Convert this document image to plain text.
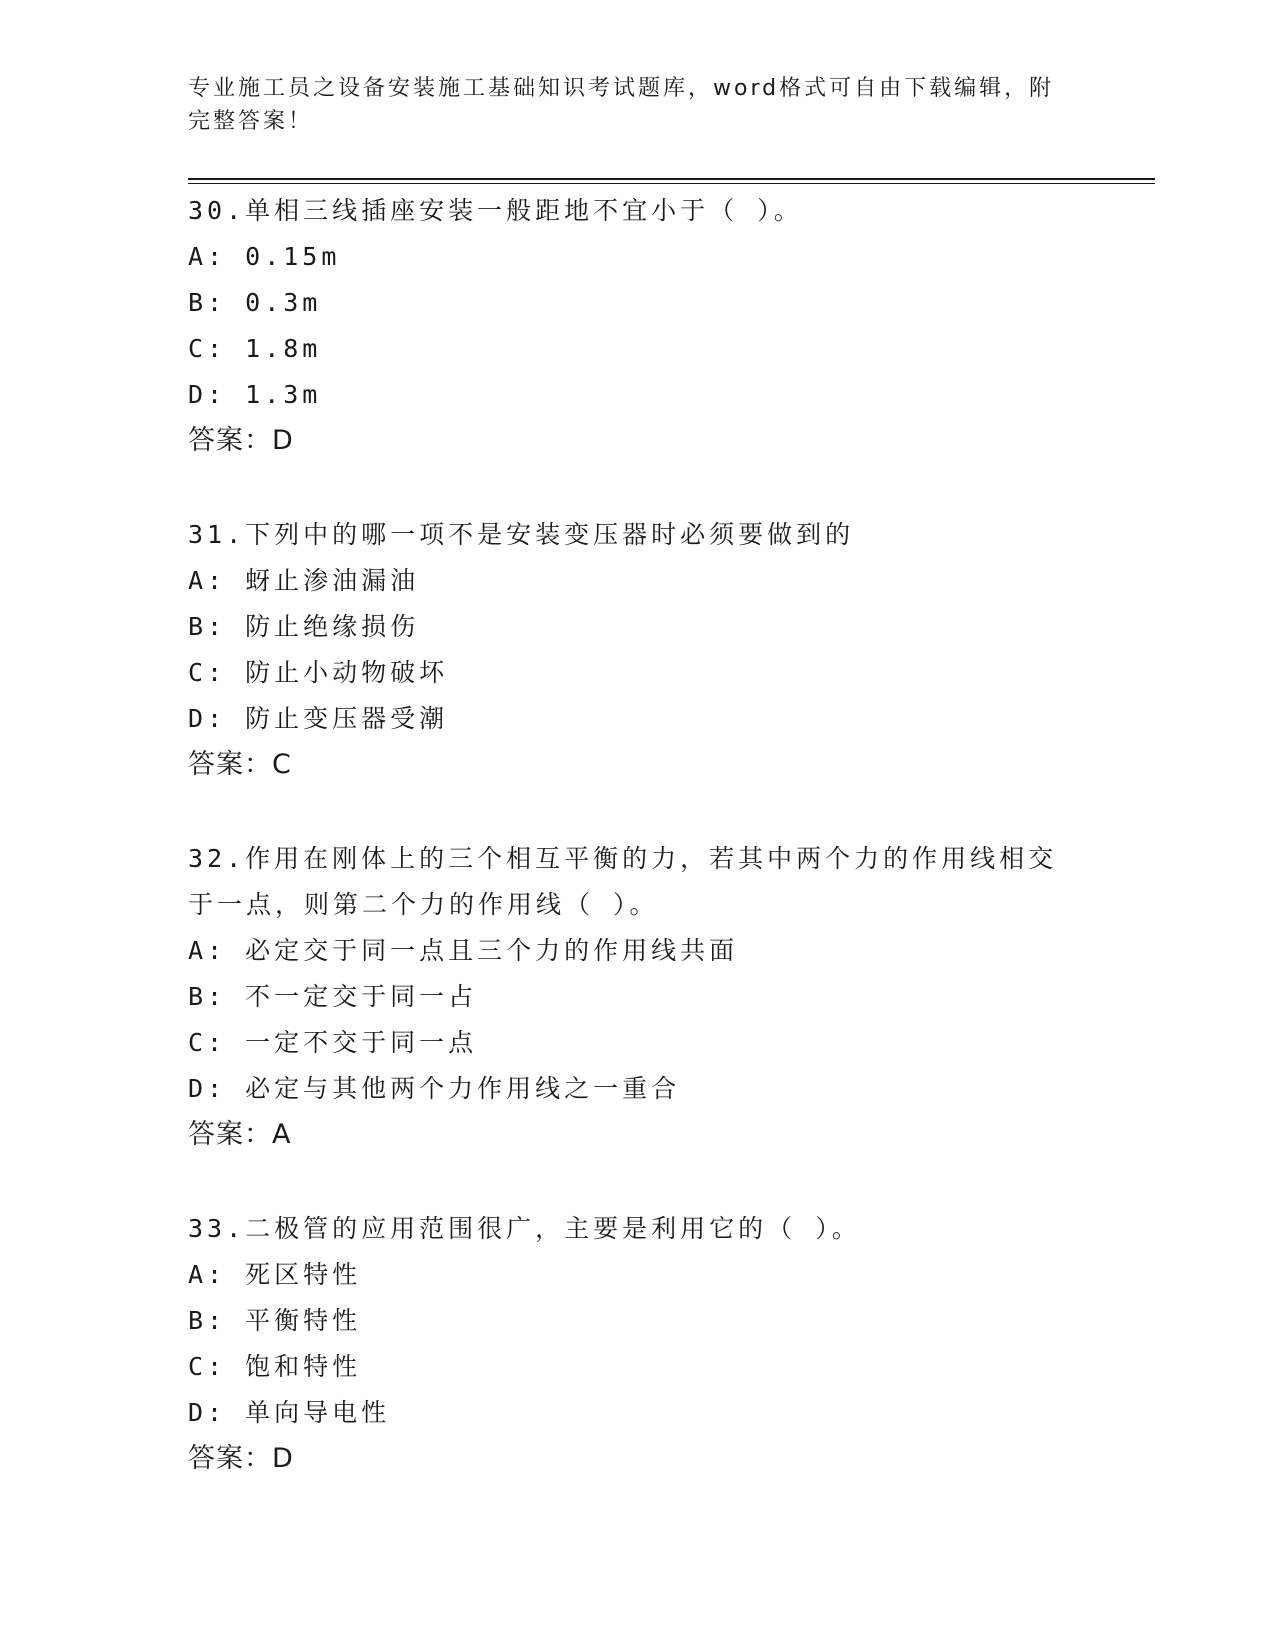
专业施工员之设备安装施工基础知识考试题库，word格式可自由下载编辑，附完整答案！
30.单相三线插座安装一般距地不宜小于（ ）。
A: 0.15m
B: 0.3m
C: 1.8m
D: 1.3m
答案：D
31.下列中的哪一项不是安装变压器时必须要做到的
A: 蚜止渗油漏油
B: 防止绝缘损伤
C: 防止小动物破坏
D: 防止变压器受潮
答案：C
32.作用在刚体上的三个相互平衡的力，若其中两个力的作用线相交于一点，则第二个力的作用线（ ）。
A: 必定交于同一点且三个力的作用线共面
B: 不一定交于同一占
C: 一定不交于同一点
D: 必定与其他两个力作用线之一重合
答案：A
33.二极管的应用范围很广，主要是利用它的（ ）。
A: 死区特性
B: 平衡特性
C: 饱和特性
D: 单向导电性
答案：D
